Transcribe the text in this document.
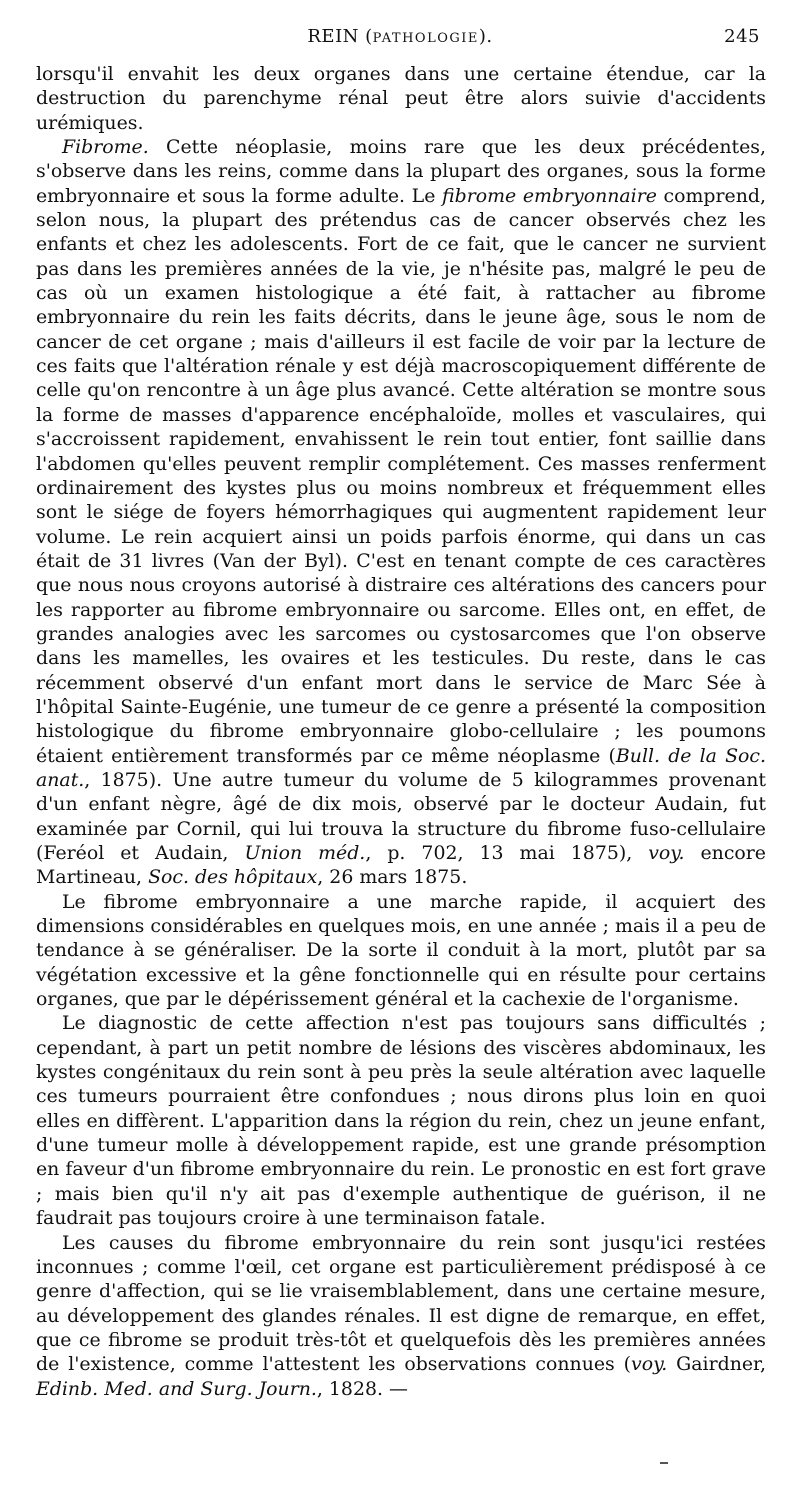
REIN (PATHOLOGIE).	245

lorsqu'il envahit les deux organes dans une certaine étendue, car la destruction du parenchyme rénal peut être alors suivie d'accidents urémiques.

Fibrome. Cette néoplasie, moins rare que les deux précédentes, s'observe dans les reins, comme dans la plupart des organes, sous la forme embryonnaire et sous la forme adulte. Le fibrome embryonnaire comprend, selon nous, la plupart des prétendus cas de cancer observés chez les enfants et chez les adolescents. Fort de ce fait, que le cancer ne survient pas dans les premières années de la vie, je n'hésite pas, malgré le peu de cas où un examen histologique a été fait, à rattacher au fibrome embryonnaire du rein les faits décrits, dans le jeune âge, sous le nom de cancer de cet organe ; mais d'ailleurs il est facile de voir par la lecture de ces faits que l'altération rénale y est déjà macroscopiquement différente de celle qu'on rencontre à un âge plus avancé. Cette altération se montre sous la forme de masses d'apparence encéphaloïde, molles et vasculaires, qui s'accroissent rapidement, envahissent le rein tout entier, font saillie dans l'abdomen qu'elles peuvent remplir complétement. Ces masses renferment ordinairement des kystes plus ou moins nombreux et fréquemment elles sont le siége de foyers hémorrhagiques qui augmentent rapidement leur volume. Le rein acquiert ainsi un poids parfois énorme, qui dans un cas était de 31 livres (Van der Byl). C'est en tenant compte de ces caractères que nous nous croyons autorisé à distraire ces altérations des cancers pour les rapporter au fibrome embryonnaire ou sarcome. Elles ont, en effet, de grandes analogies avec les sarcomes ou cystosarcomes que l'on observe dans les mamelles, les ovaires et les testicules. Du reste, dans le cas récemment observé d'un enfant mort dans le service de Marc Sée à l'hôpital Sainte-Eugénie, une tumeur de ce genre a présenté la composition histologique du fibrome embryonnaire globo-cellulaire ; les poumons étaient entièrement transformés par ce même néoplasme (Bull. de la Soc. anat., 1875). Une autre tumeur du volume de 5 kilogrammes provenant d'un enfant nègre, âgé de dix mois, observé par le docteur Audain, fut examinée par Cornil, qui lui trouva la structure du fibrome fuso-cellulaire (Feréol et Audain, Union méd., p. 702, 13 mai 1875), voy. encore Martineau, Soc. des hôpitaux, 26 mars 1875.

Le fibrome embryonnaire a une marche rapide, il acquiert des dimensions considérables en quelques mois, en une année ; mais il a peu de tendance à se généraliser. De la sorte il conduit à la mort, plutôt par sa végétation excessive et la gêne fonctionnelle qui en résulte pour certains organes, que par le dépérissement général et la cachexie de l'organisme.

Le diagnostic de cette affection n'est pas toujours sans difficultés ; cependant, à part un petit nombre de lésions des viscères abdominaux, les kystes congénitaux du rein sont à peu près la seule altération avec laquelle ces tumeurs pourraient être confondues ; nous dirons plus loin en quoi elles en diffèrent. L'apparition dans la région du rein, chez un jeune enfant, d'une tumeur molle à développement rapide, est une grande présomption en faveur d'un fibrome embryonnaire du rein. Le pronostic en est fort grave ; mais bien qu'il n'y ait pas d'exemple authentique de guérison, il ne faudrait pas toujours croire à une terminaison fatale.

Les causes du fibrome embryonnaire du rein sont jusqu'ici restées inconnues ; comme l'œil, cet organe est particulièrement prédisposé à ce genre d'affection, qui se lie vraisemblablement, dans une certaine mesure, au développement des glandes rénales. Il est digne de remarque, en effet, que ce fibrome se produit très-tôt et quelquefois dès les premières années de l'existence, comme l'attestent les observations connues (voy. Gairdner, Edinb. Med. and Surg. Journ., 1828. —
